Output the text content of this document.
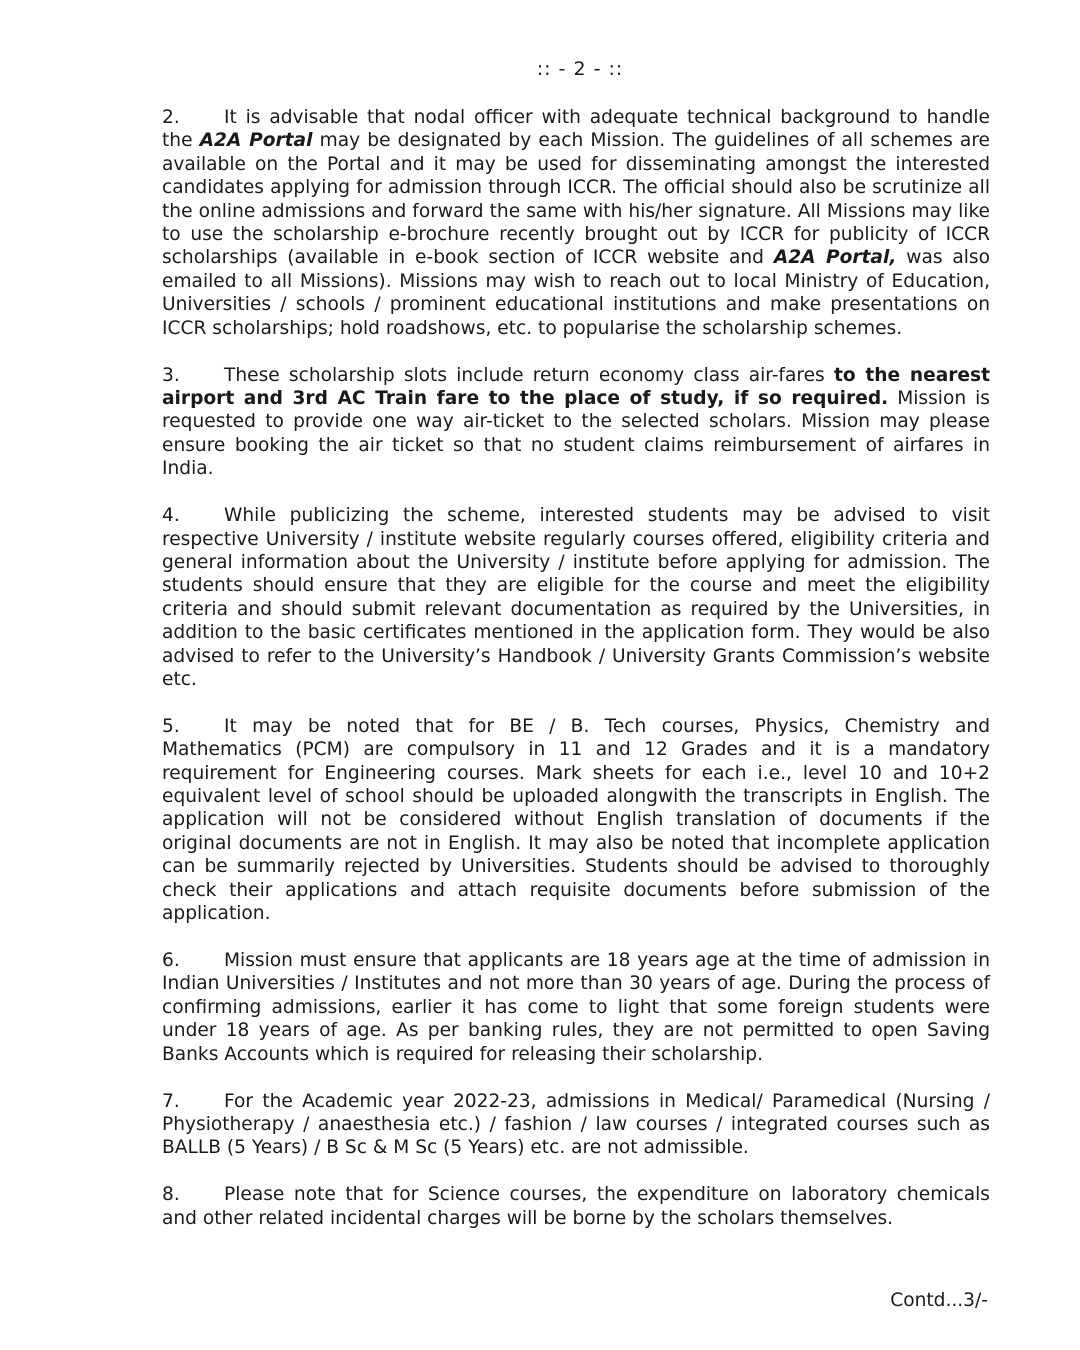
:: - 2 - ::

2. It is advisable that nodal officer with adequate technical background to handle the A2A Portal may be designated by each Mission. The guidelines of all schemes are available on the Portal and it may be used for disseminating amongst the interested candidates applying for admission through ICCR. The official should also be scrutinize all the online admissions and forward the same with his/her signature. All Missions may like to use the scholarship e-brochure recently brought out by ICCR for publicity of ICCR scholarships (available in e-book section of ICCR website and A2A Portal, was also emailed to all Missions). Missions may wish to reach out to local Ministry of Education, Universities / schools / prominent educational institutions and make presentations on ICCR scholarships; hold roadshows, etc. to popularise the scholarship schemes.

3. These scholarship slots include return economy class air-fares to the nearest airport and 3rd AC Train fare to the place of study, if so required. Mission is requested to provide one way air-ticket to the selected scholars. Mission may please ensure booking the air ticket so that no student claims reimbursement of airfares in India.

4. While publicizing the scheme, interested students may be advised to visit respective University / institute website regularly courses offered, eligibility criteria and general information about the University / institute before applying for admission. The students should ensure that they are eligible for the course and meet the eligibility criteria and should submit relevant documentation as required by the Universities, in addition to the basic certificates mentioned in the application form. They would be also advised to refer to the University’s Handbook / University Grants Commission’s website etc.

5. It may be noted that for BE / B. Tech courses, Physics, Chemistry and Mathematics (PCM) are compulsory in 11 and 12 Grades and it is a mandatory requirement for Engineering courses. Mark sheets for each i.e., level 10 and 10+2 equivalent level of school should be uploaded alongwith the transcripts in English. The application will not be considered without English translation of documents if the original documents are not in English. It may also be noted that incomplete application can be summarily rejected by Universities. Students should be advised to thoroughly check their applications and attach requisite documents before submission of the application.

6. Mission must ensure that applicants are 18 years age at the time of admission in Indian Universities / Institutes and not more than 30 years of age. During the process of confirming admissions, earlier it has come to light that some foreign students were under 18 years of age. As per banking rules, they are not permitted to open Saving Banks Accounts which is required for releasing their scholarship.

7. For the Academic year 2022-23, admissions in Medical/ Paramedical (Nursing / Physiotherapy / anaesthesia etc.) / fashion / law courses / integrated courses such as BALLB (5 Years) / B Sc & M Sc (5 Years) etc. are not admissible.

8. Please note that for Science courses, the expenditure on laboratory chemicals and other related incidental charges will be borne by the scholars themselves.

Contd...3/-
